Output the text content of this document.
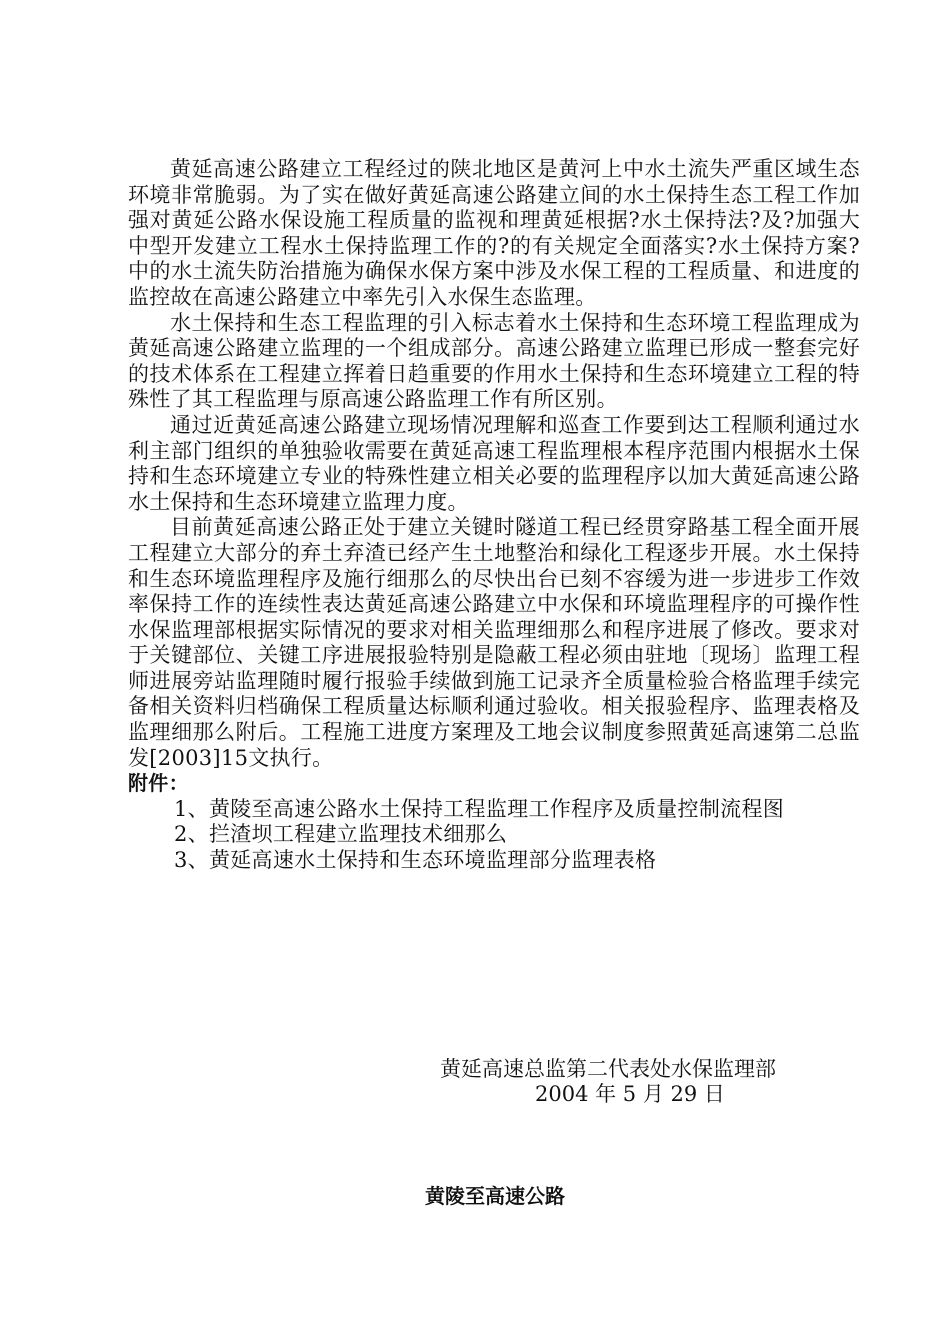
黄延高速公路建立工程经过的陕北地区是黄河上中水土流失严重区域生态环境非常脆弱。为了实在做好黄延高速公路建立间的水土保持生态工程工作加强对黄延公路水保设施工程质量的监视和理黄延根据?水土保持法?及?加强大中型开发建立工程水土保持监理工作的?的有关规定全面落实?水土保持方案?中的水土流失防治措施为确保水保方案中涉及水保工程的工程质量、和进度的监控故在高速公路建立中率先引入水保生态监理。

水土保持和生态工程监理的引入标志着水土保持和生态环境工程监理成为黄延高速公路建立监理的一个组成部分。高速公路建立监理已形成一整套完好的技术体系在工程建立挥着日趋重要的作用水土保持和生态环境建立工程的特殊性了其工程监理与原高速公路监理工作有所区别。

通过近黄延高速公路建立现场情况理解和巡查工作要到达工程顺利通过水利主部门组织的单独验收需要在黄延高速工程监理根本程序范围内根据水土保持和生态环境建立专业的特殊性建立相关必要的监理程序以加大黄延高速公路水土保持和生态环境建立监理力度。

目前黄延高速公路正处于建立关键时隧道工程已经贯穿路基工程全面开展工程建立大部分的弃土弃渣已经产生土地整治和绿化工程逐步开展。水土保持和生态环境监理程序及施行细那么的尽快出台已刻不容缓为进一步进步工作效率保持工作的连续性表达黄延高速公路建立中水保和环境监理程序的可操作性水保监理部根据实际情况的要求对相关监理细那么和程序进展了修改。要求对于关键部位、关键工序进展报验特别是隐蔽工程必须由驻地〔现场〕监理工程师进展旁站监理随时履行报验手续做到施工记录齐全质量检验合格监理手续完备相关资料归档确保工程质量达标顺利通过验收。相关报验程序、监理表格及监理细那么附后。工程施工进度方案理及工地会议制度参照黄延高速第二总监发[2003]15文执行。

附件：

1、黄陵至高速公路水土保持工程监理工作程序及质量控制流程图

2、拦渣坝工程建立监理技术细那么

3、黄延高速水土保持和生态环境监理部分监理表格

黄延高速总监第二代表处水保监理部

2004 年 5 月 29 日

黄陵至高速公路
